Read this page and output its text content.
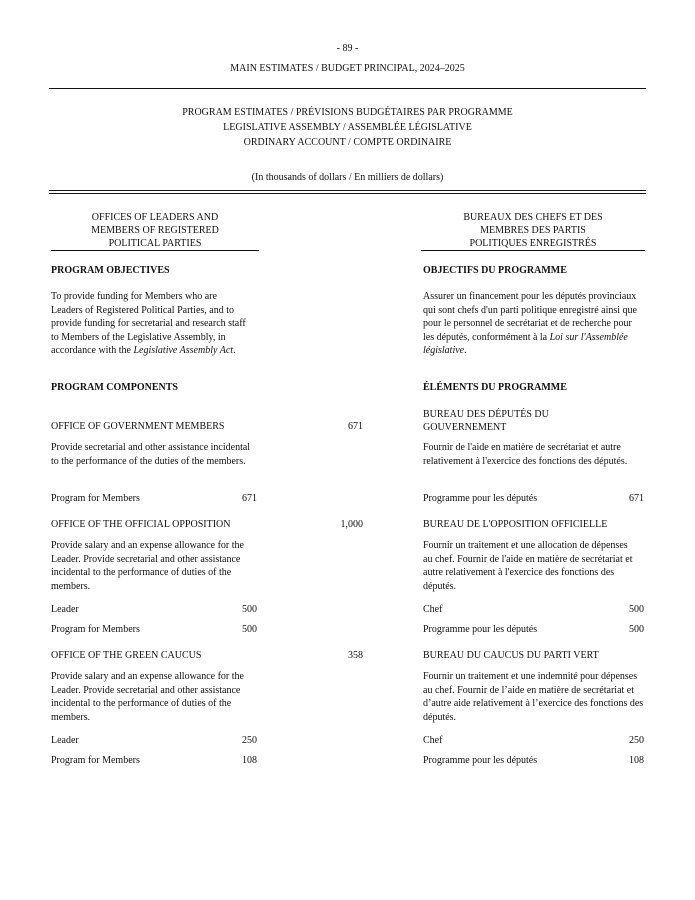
- 89 -
MAIN ESTIMATES / BUDGET PRINCIPAL, 2024–2025
PROGRAM ESTIMATES / PRÉVISIONS BUDGÉTAIRES PAR PROGRAMME
LEGISLATIVE ASSEMBLY / ASSEMBLÉE LÉGISLATIVE
ORDINARY ACCOUNT / COMPTE ORDINAIRE
(In thousands of dollars / En milliers de dollars)
OFFICES OF LEADERS AND
MEMBERS OF REGISTERED
POLITICAL PARTIES
BUREAUX DES CHEFS ET DES
MEMBRES DES PARTIS
POLITIQUES ENREGISTRÉS
PROGRAM OBJECTIVES	OBJECTIFS DU PROGRAMME
To provide funding for Members who are Leaders of Registered Political Parties, and to provide funding for secretarial and research staff to Members of the Legislative Assembly, in accordance with the Legislative Assembly Act.
Assurer un financement pour les députés provinciaux qui sont chefs d'un parti politique enregistré ainsi que pour le personnel de secrétariat et de recherche pour les députés, conformément à la Loi sur l'Assemblée législative.
PROGRAM COMPONENTS	ÉLÉMENTS DU PROGRAMME
OFFICE OF GOVERNMENT MEMBERS	671
BUREAU DES DÉPUTÉS DU
GOUVERNEMENT
Provide secretarial and other assistance incidental to the performance of the duties of the members.
Fournir de l'aide en matière de secrétariat et autre relativement à l'exercice des fonctions des députés.
Program for Members	671	Programme pour les députés	671
OFFICE OF THE OFFICIAL OPPOSITION	1,000	BUREAU DE L'OPPOSITION OFFICIELLE
Provide salary and an expense allowance for the Leader. Provide secretarial and other assistance incidental to the performance of duties of the members.
Fournir un traitement et une allocation de dépenses au chef. Fournir de l'aide en matière de secrétariat et autre relativement à l'exercice des fonctions des députés.
Leader	500	Chef	500
Program for Members	500	Programme pour les députés	500
OFFICE OF THE GREEN CAUCUS	358	BUREAU DU CAUCUS DU PARTI VERT
Provide salary and an expense allowance for the Leader. Provide secretarial and other assistance incidental to the performance of duties of the members.
Fournir un traitement et une indemnité pour dépenses au chef. Fournir de l’aide en matière de secrétariat et d’autre aide relativement à l’exercice des fonctions des députés.
Leader	250	Chef	250
Program for Members	108	Programme pour les députés	108
